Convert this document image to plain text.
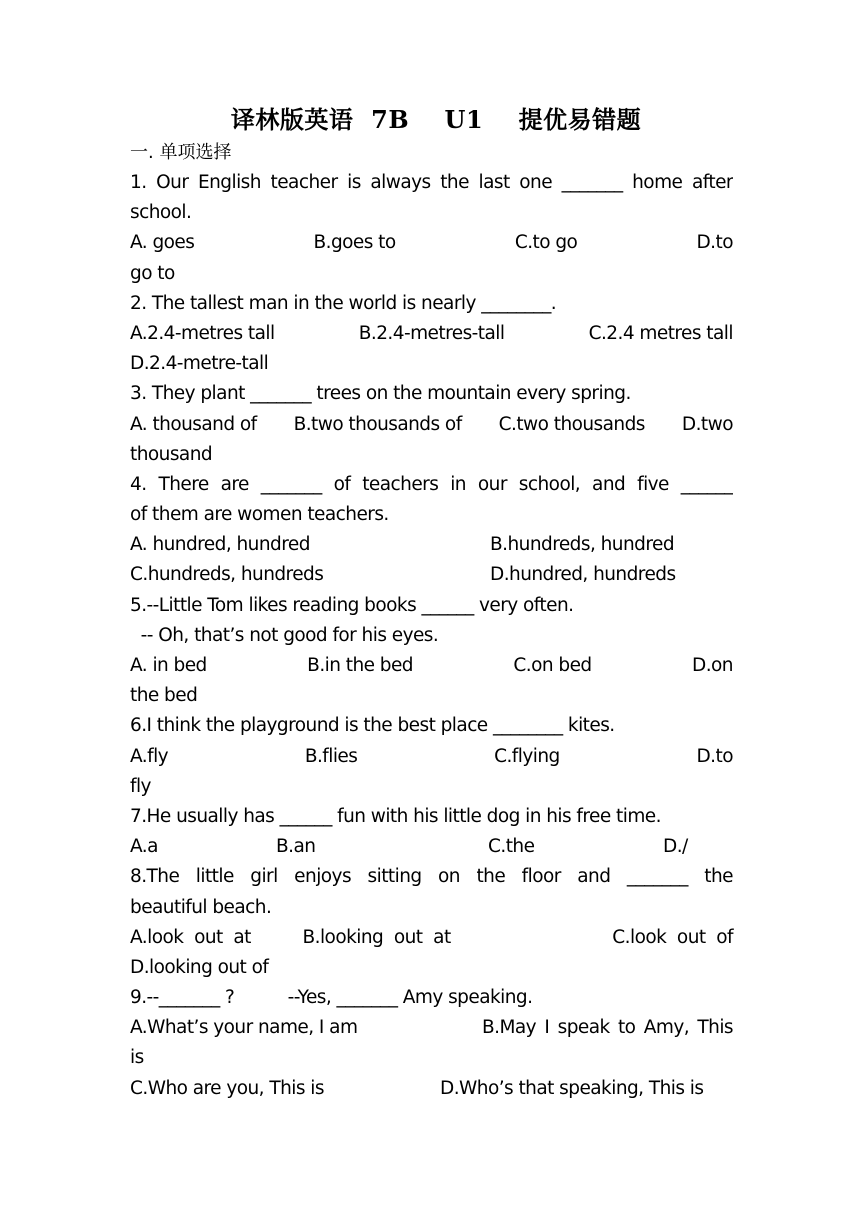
译林版英语  7B    U1    提优易错题
一. 单项选择
1. Our English teacher is always the last one _______ home after
school.
A. goes	B.goes to	C.to go	D.to
go to
2. The tallest man in the world is nearly ________.
A.2.4-metres tall	B.2.4-metres-tall	C.2.4 metres tall
D.2.4-metre-tall
3. They plant _______ trees on the mountain every spring.
A. thousand of B.two thousands of C.two thousands D.two
thousand
4. There are _______ of teachers in our school, and five ______
of them are women teachers.
A. hundred, hundred	B.hundreds, hundred
C.hundreds, hundreds	D.hundred, hundreds
5.--Little Tom likes reading books ______ very often.
-- Oh, that’s not good for his eyes.
A. in bed	B.in the bed	C.on bed	D.on
the bed
6.I think the playground is the best place ________ kites.
A.fly	B.flies	C.flying	D.to
fly
7.He usually has ______ fun with his little dog in his free time.
A.a	B.an	C.the	D./
8.The little girl enjoys sitting on the floor and _______ the
beautiful beach.
A.look  out  at	B.looking  out  at	C.look  out  of
D.looking out of
9.--_______ ?          --Yes, _______ Amy speaking.
A.What’s your name, I am	B.May I speak to Amy, This
is
C.Who are you, This is	D.Who’s that speaking, This is
